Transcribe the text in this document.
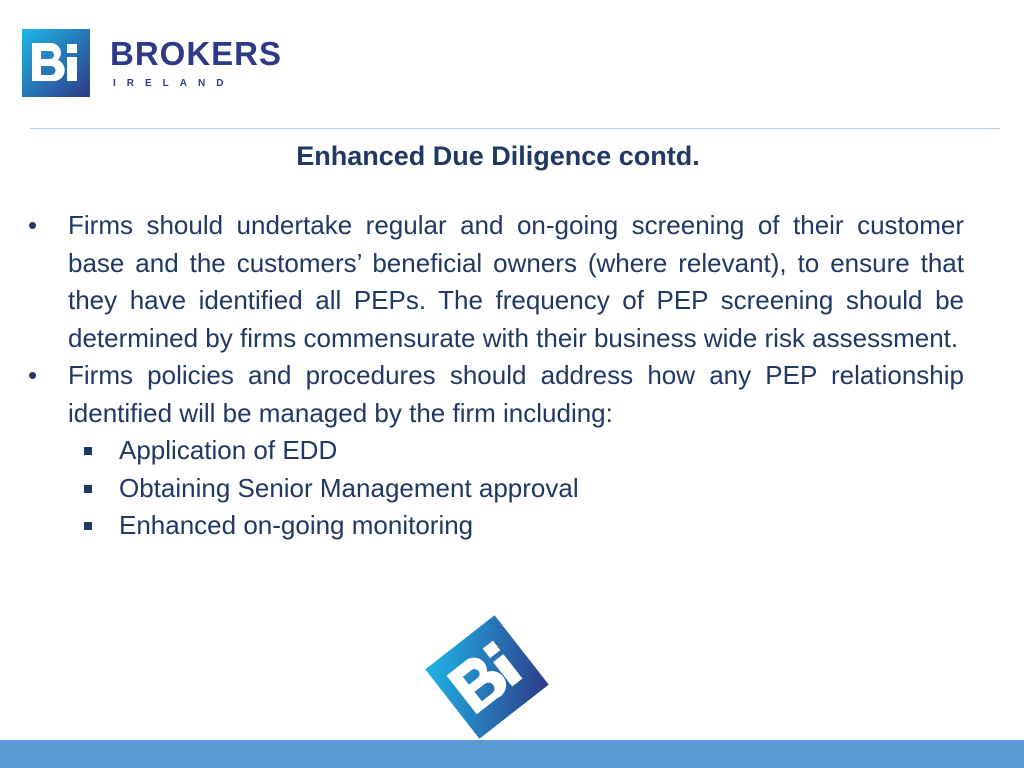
BROKERS
IRELAND
Enhanced Due Diligence contd.
•	Firms should undertake regular and on-going screening of their customer base and the customers’ beneficial owners (where relevant), to ensure that they have identified all PEPs. The frequency of PEP screening should be determined by firms commensurate with their business wide risk assessment.
•	Firms policies and procedures should address how any PEP relationship identified will be managed by the firm including:
Application of EDD
Obtaining Senior Management approval
Enhanced on-going monitoring
